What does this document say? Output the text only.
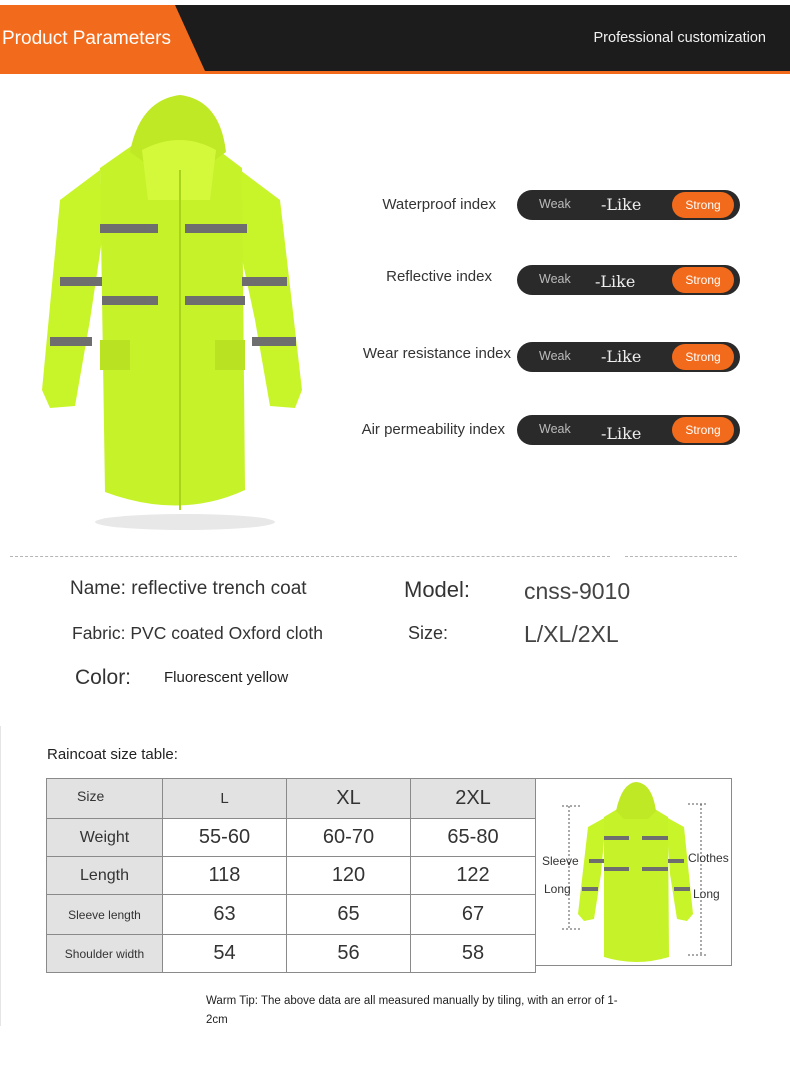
Product Parameters	Professional customization
Waterproof index	Weak -Like	Strong
Reflective index	Weak -Like	Strong
Wear resistance index Weak -Like	Strong
Air permeability index	Weak -Like	Strong
Name: reflective trench coat	Model: cnss-9010
Fabric: PVC coated Oxford cloth	Size:	L/XL/2XL
Color: Fluorescent yellow
Raincoat size table:
Size	L	XL	2XL
Weight	55-60	60-70	65-80
Length	118	120	122
Sleeve length	63	65	67
Shoulder width	54	56	58
Sleeve
Long
Clothes
Long
Warm Tip: The above data are all measured manually by tiling, with an error of 1-2cm
